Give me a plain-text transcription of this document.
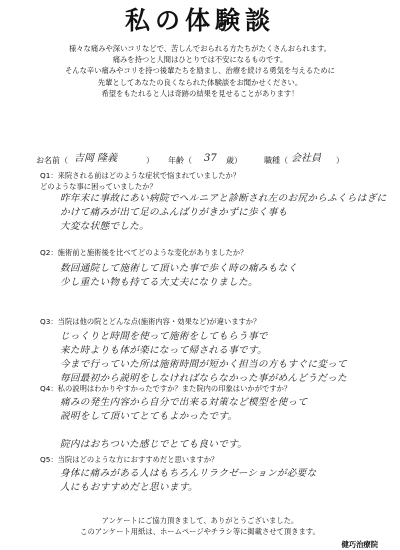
私の体験談
様々な痛みや深いコリなどで、苦しんでおられる方たちがたくさんおられます。
痛みを持つと人間はひとりでは不安になるものです。
そんな辛い痛みやコリを持つ後輩たちを励まし、治療を続ける勇気を与えるために
先輩としてあなたの良くなられた体験談をお聞かせください。
希望をもたれると人は奇跡の結果を見せることがあります！
お名前（ 吉岡 隆義	） 年齢（ 37 歳）	職種（ 会社員 ）
Q1：来院される前はどのような症状で悩まれていましたか？
どのような事に困っていましたか？
昨年末に事故にあい病院でヘルニアと診断され左のお尻からふくらはぎに
かけて痛みが出て足のふんばりがきかずに歩く事も
大変な状態でした。
Q2：施術前と施術後を比べてどのような変化がありましたか？
数回通院して施術して頂いた事で歩く時の痛みもなく
少し重たい物も持てる大丈夫になりました。
Q3：当院は他の院とどんな点(施術内容・効果など)が違いますか？
じっくりと時間を使って施術をしてもらう事で
来た時よりも体が楽になって帰される事です。
今まで行っていた所は施術時間が短かく担当の方もすぐに変って
毎回最初から説明をしなければならなかった事がめんどうだった
Q4：私の説明はわかりやすかったですか？また院内の印象はいかがですか？
痛みの発生内容から自分で出来る対策など模型を使って
説明をして頂いてとてもよかったです。
院内はおちついた感じでとても良いです。
Q5：当院はどのような方におすすめだと思いますか？
身体に痛みがある人はもちろんリラクゼーションが必要な
人にもおすすめだと思います。
アンケートにご協力頂きまして、ありがとうございました。
このアンケート用紙は、ホームページやチラシ等に掲載させて頂きます。
健巧治療院
